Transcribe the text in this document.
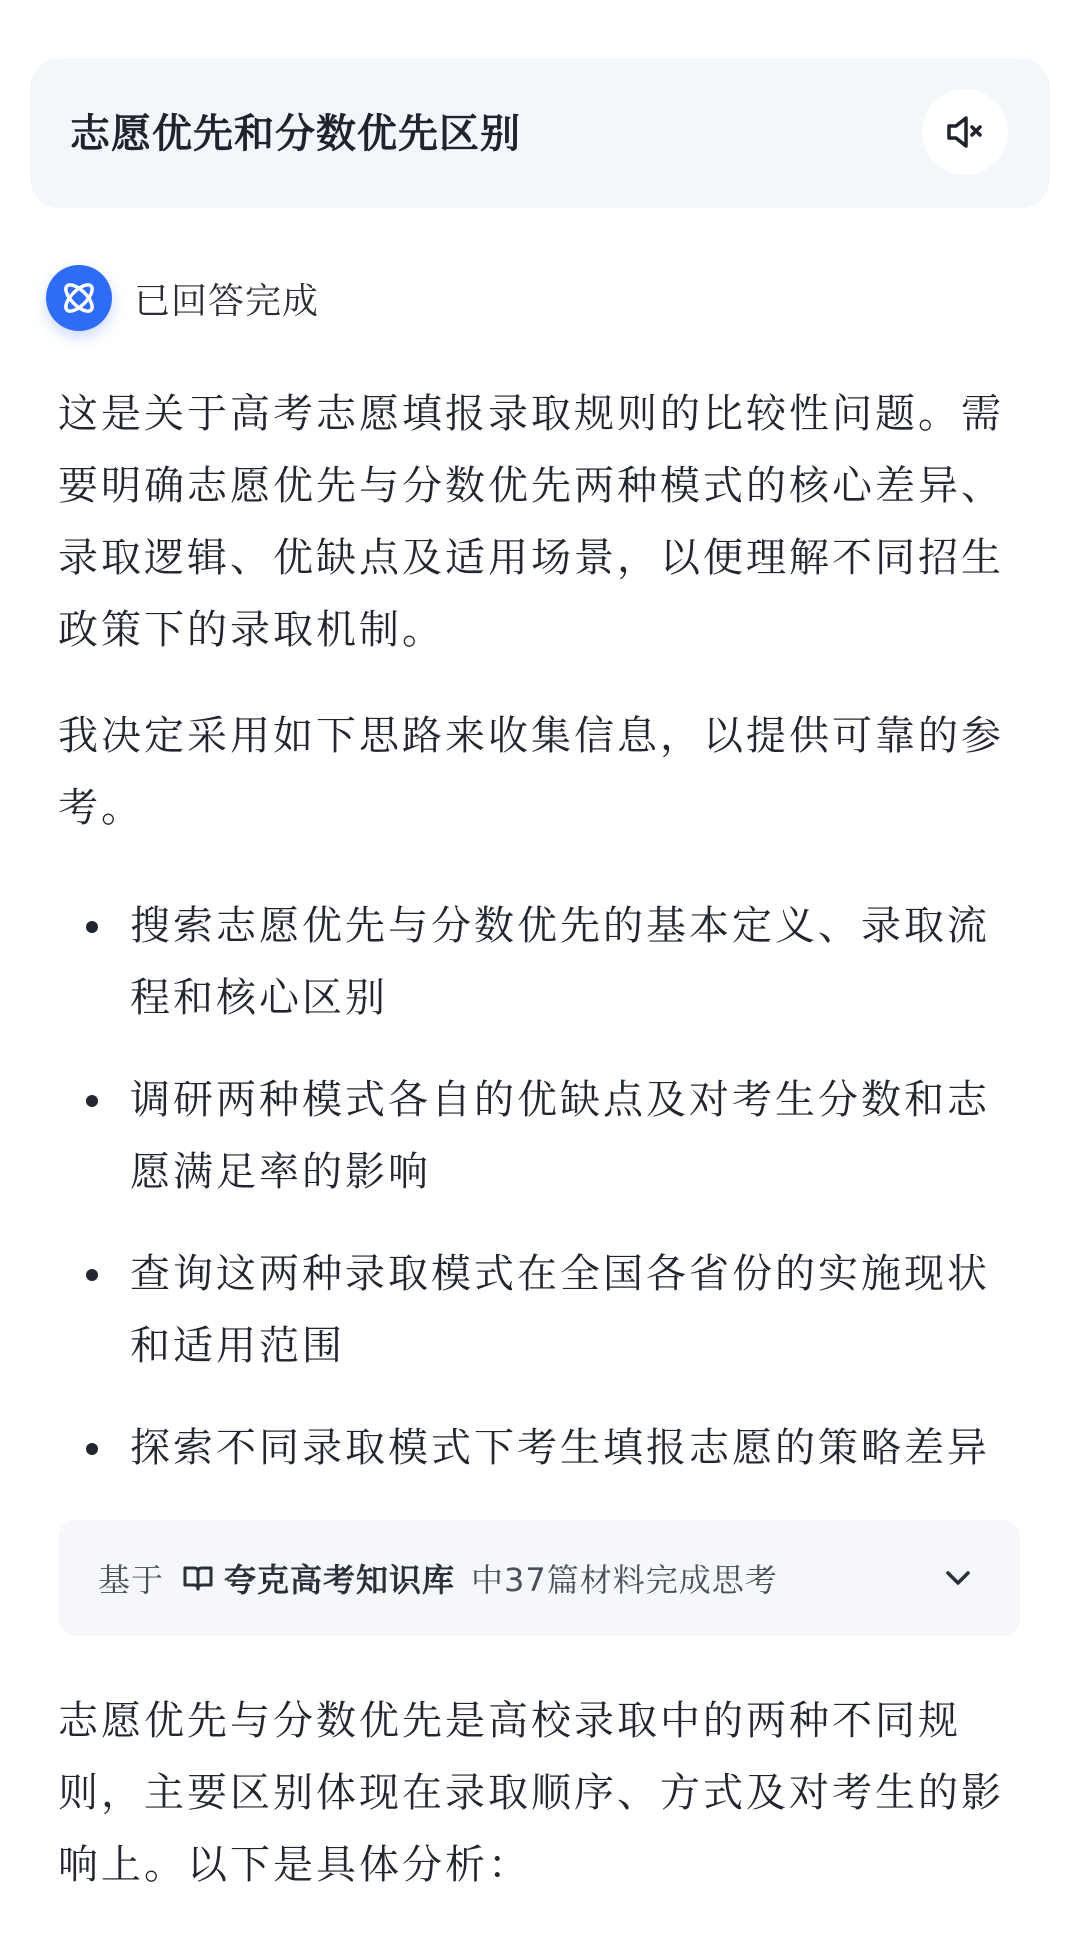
志愿优先和分数优先区别
已回答完成

这是关于高考志愿填报录取规则的比较性问题。需要明确志愿优先与分数优先两种模式的核心差异、录取逻辑、优缺点及适用场景，以便理解不同招生政策下的录取机制。

我决定采用如下思路来收集信息，以提供可靠的参考。

搜索志愿优先与分数优先的基本定义、录取流程和核心区别
调研两种模式各自的优缺点及对考生分数和志愿满足率的影响
查询这两种录取模式在全国各省份的实施现状和适用范围
探索不同录取模式下考生填报志愿的策略差异
基于 夸克高考知识库 中37篇材料完成思考

志愿优先与分数优先是高校录取中的两种不同规则，主要区别体现在录取顺序、方式及对考生的影响上。以下是具体分析：
